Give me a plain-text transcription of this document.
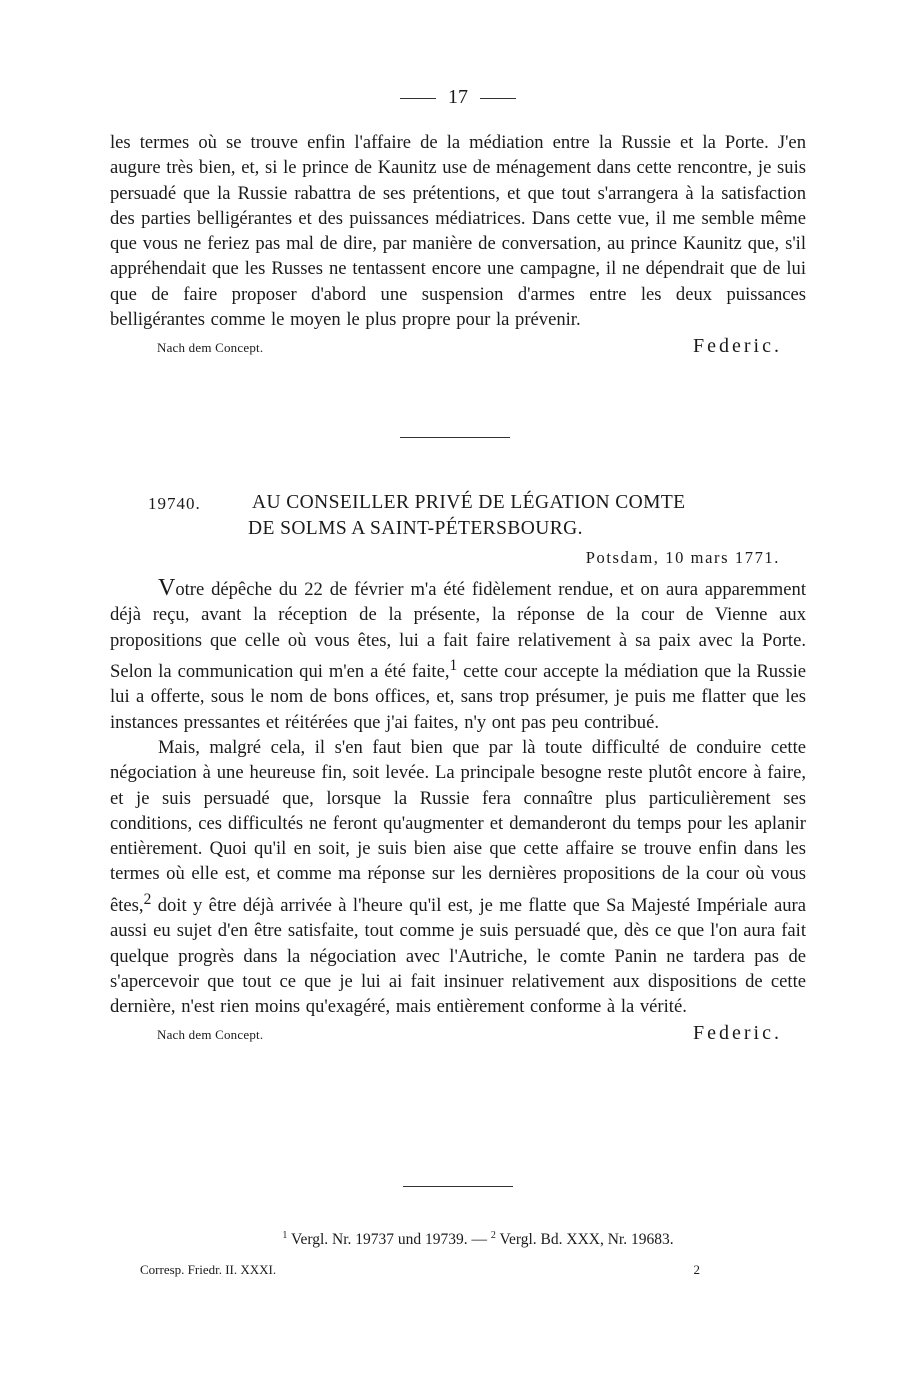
17

les termes où se trouve enfin l'affaire de la médiation entre la Russie et la Porte. J'en augure très bien, et, si le prince de Kaunitz use de ménagement dans cette rencontre, je suis persuadé que la Russie rabattra de ses prétentions, et que tout s'arrangera à la satisfaction des parties belligérantes et des puissances médiatrices. Dans cette vue, il me semble même que vous ne feriez pas mal de dire, par manière de conversation, au prince Kaunitz que, s'il appréhendait que les Russes ne tentassent encore une campagne, il ne dépendrait que de lui que de faire proposer d'abord une suspension d'armes entre les deux puissances belligérantes comme le moyen le plus propre pour la prévenir.

Nach dem Concept.	Federic.
19740.	AU CONSEILLER PRIVÉ DE LÉGATION COMTE
DE SOLMS A SAINT-PÉTERSBOURG.
Potsdam, 10 mars 1771.

Votre dépêche du 22 de février m'a été fidèlement rendue, et on aura apparemment déjà reçu, avant la réception de la présente, la réponse de la cour de Vienne aux propositions que celle où vous êtes, lui a fait faire relativement à sa paix avec la Porte. Selon la communication qui m'en a été faite,$^1$ cette cour accepte la médiation que la Russie lui a offerte, sous le nom de bons offices, et, sans trop présumer, je puis me flatter que les instances pressantes et réitérées que j'ai faites, n'y ont pas peu contribué.

Mais, malgré cela, il s'en faut bien que par là toute difficulté de conduire cette négociation à une heureuse fin, soit levée. La principale besogne reste plutôt encore à faire, et je suis persuadé que, lorsque la Russie fera connaître plus particulièrement ses conditions, ces difficultés ne feront qu'augmenter et demanderont du temps pour les aplanir entièrement. Quoi qu'il en soit, je suis bien aise que cette affaire se trouve enfin dans les termes où elle est, et comme ma réponse sur les dernières propositions de la cour où vous êtes,$^2$ doit y être déjà arrivée à l'heure qu'il est, je me flatte que Sa Majesté Impériale aura aussi eu sujet d'en être satisfaite, tout comme je suis persuadé que, dès ce que l'on aura fait quelque progrès dans la négociation avec l'Autriche, le comte Panin ne tardera pas de s'apercevoir que tout ce que je lui ai fait insinuer relativement aux dispositions de cette dernière, n'est rien moins qu'exagéré, mais entièrement conforme à la vérité.

Nach dem Concept.	Federic.
$^1$ Vergl. Nr. 19737 und 19739. — $^2$ Vergl. Bd. XXX, Nr. 19683.
Corresp. Friedr. II. XXXI.	2
